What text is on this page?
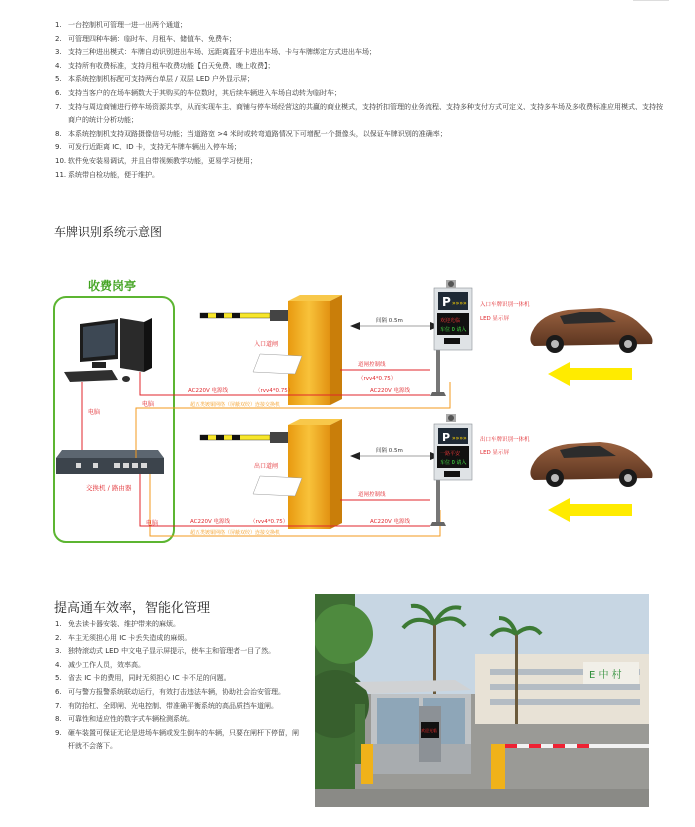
1. 一台控制机可管理一进一出两个通道；
2. 可管理四种车辆：临时车、月租车、储值车、免费车；
3. 支持三种进出模式：车牌自动识别进出车场、远距离蓝牙卡进出车场、卡与车牌绑定方式进出车场；
4. 支持所有收费标准，支持月租车收费功能【白天免费、晚上收费】；
5. 本系统控制机标配可支持两台单层 / 双层 LED 户外显示屏；
6. 支持当客户的在场车辆数大于其购买的车位数时，其后续车辆进入车场自动转为临时车；
7. 支持与周边商铺进行停车场资源共享，从而实现车主、商铺与停车场经营这的共赢的商业模式，支持折扣管理的业务流程、支持多种支付方式可定义、支持多车场及多收费标准应用模式、支持按商户的统计分析功能；
8. 本系统控制机支持双路摄像信号功能；当道路宽 >4 米时或转弯道路情况下可增配一个摄像头，以保证车牌识别的准确率；
9. 可发行近距离 IC、ID 卡，支持无车牌车辆出入停车场；
10. 软件免安装易调试，并且自带视频教学功能，更易学习使用；
11. 系统带自检功能，便于维护。
车牌识别系统示意图
收费岗亭
电脑
交换机 / 路由器
电脑
电脑
入口道闸
出口道闸
道闸控制线
（rvv4*0.75）
AC220V 电源线	（rvv4*0.75）	AC220V 电源线
超五类镀铜网络（屏蔽双绞）连接交换机
间隔 0.5m
道闸控制线
AC220V 电源线	（rvv4*0.75）	AC220V 电源线
超五类镀铜网络（屏蔽双绞）连接交换机
间隔 0.5m
P »»»»
欢迎光临
车位 0 请入
入口车牌识别一体机
LED 显示屏
P »»»»
一路平安
车位 0 请入
出口车牌识别一体机
LED 显示屏
提高通车效率，智能化管理
1. 免去读卡器安装、维护带来的麻烦。
2. 车主无须担心用 IC 卡丢失造成的麻烦。
3. 独特滚动式 LED 中文电子显示屏提示，使车主和管理者一目了然。
4. 减少工作人员，效率高。
5. 省去 IC 卡的费用，同时无须担心 IC 卡不足的问题。
6. 可与警方报警系统联动运行，有效打击违法车辆，协助社会治安管理。
7. 有防抬杠、全即闸、光电控制、带准确平衡系统的高品质挡车道闸。
8. 可靠性和适应性的数字式车辆检测系统。
9. 砸车装置可保证无论是进场车辆或发生倒车的车辆，只要在闸杆下停留，闸杆就不会落下。
E 中 村
欢迎光临
